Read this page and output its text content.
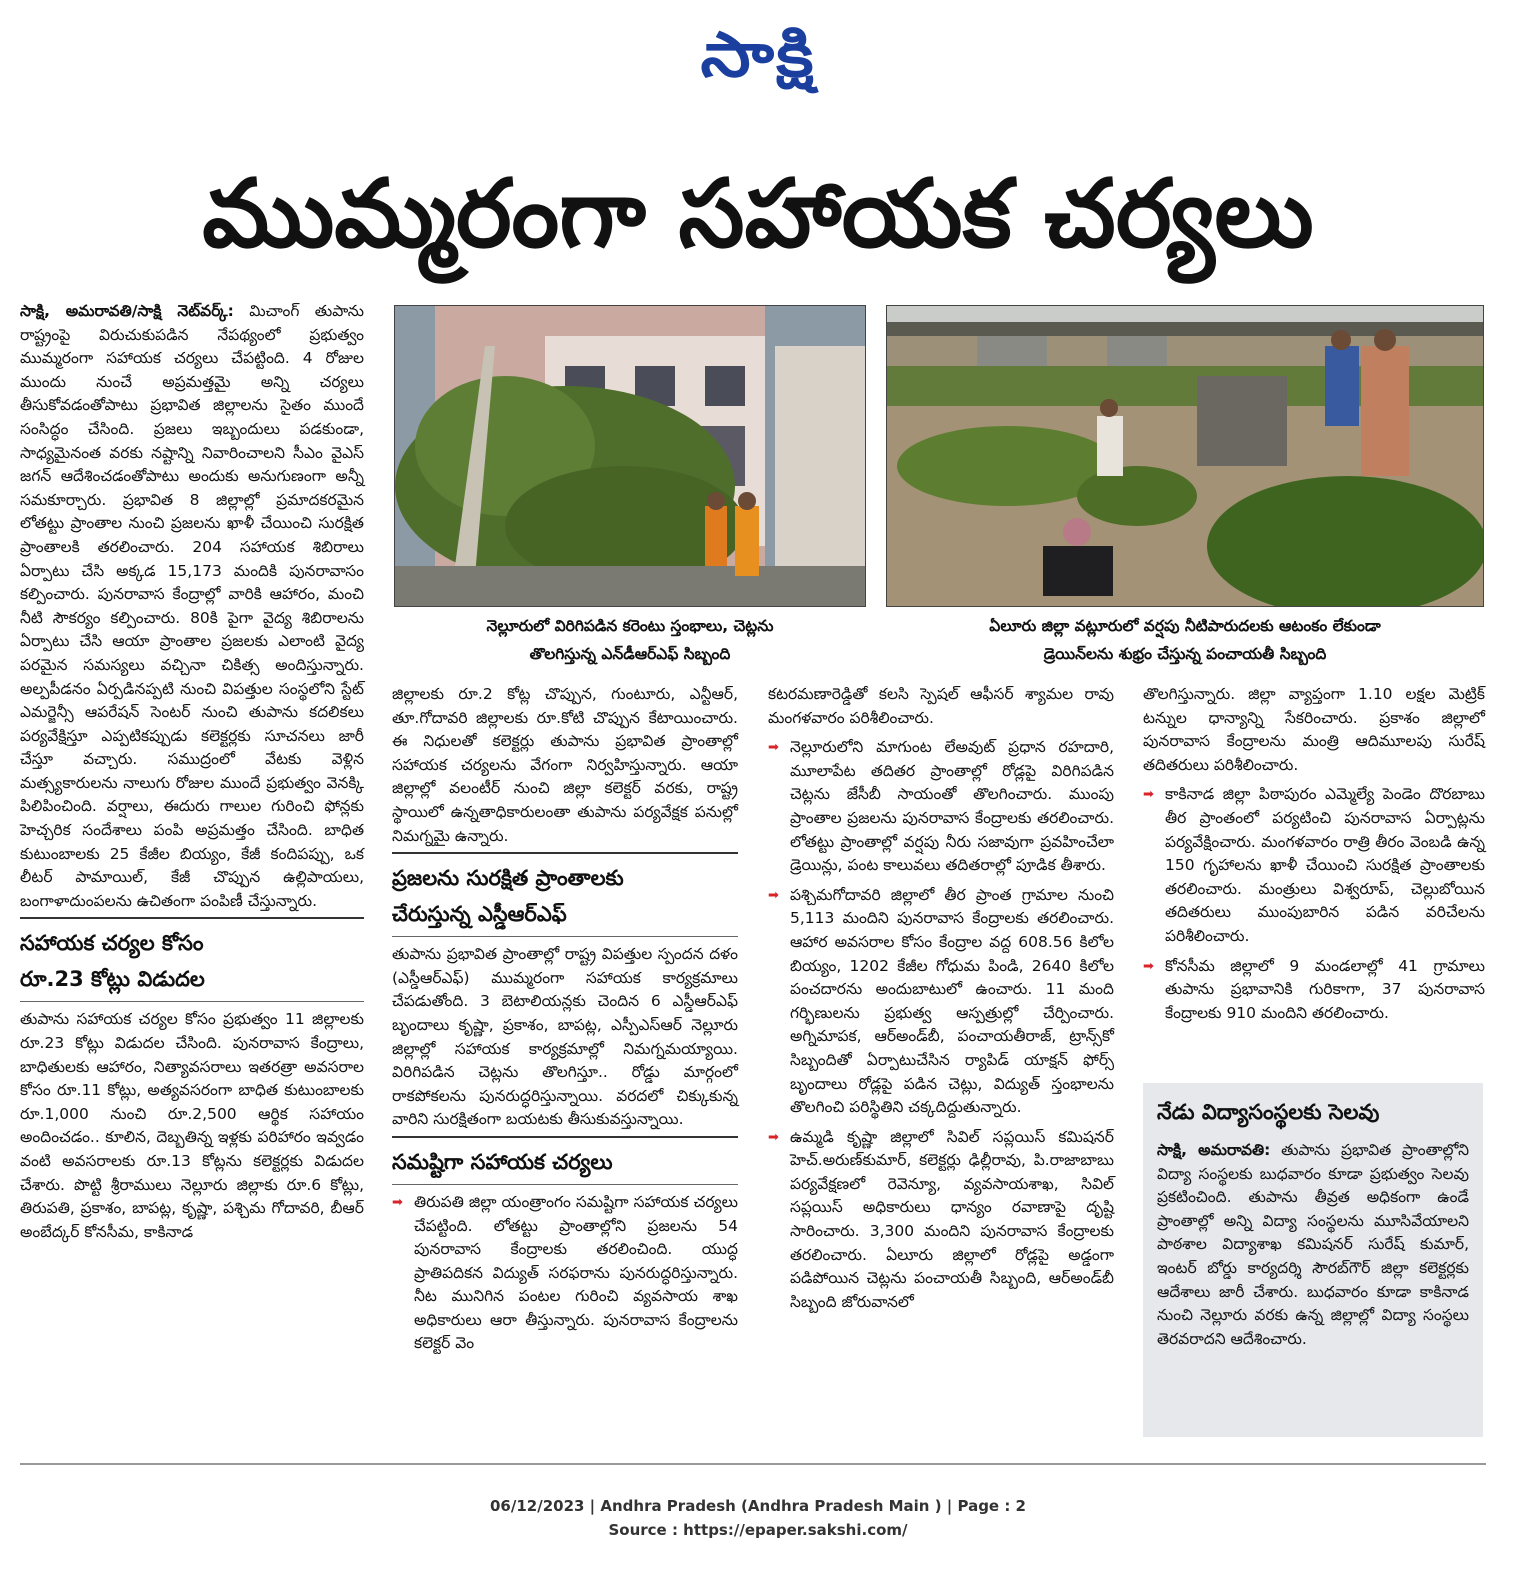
సాక్షి
ముమ్మరంగా సహాయక చర్యలు

సాక్షి, అమరావతి/సాక్షి నెట్‌వర్క్: మిచాంగ్ తుపాను రాష్ట్రంపై విరుచుకుపడిన నేపథ్యంలో ప్రభుత్వం ముమ్మరంగా సహాయక చర్యలు చేపట్టింది. 4 రోజుల ముందు నుంచే అప్రమత్తమై అన్ని చర్యలు తీసుకోవడంతోపాటు ప్రభావిత జిల్లాలను సైతం ముందే సంసిద్ధం చేసింది. ప్రజలు ఇబ్బందులు పడకుండా, సాధ్యమైనంత వరకు నష్టాన్ని నివారించాలని సీఎం వైఎస్ జగన్ ఆదేశించడంతోపాటు అందుకు అనుగుణంగా అన్నీ సమకూర్చారు. ప్రభావిత 8 జిల్లాల్లో ప్రమాదకరమైన లోతట్టు ప్రాంతాల నుంచి ప్రజలను ఖాళీ చేయించి సురక్షిత ప్రాంతాలకి తరలించారు. 204 సహాయక శిబిరాలు ఏర్పాటు చేసి అక్కడ 15,173 మందికి పునరావాసం కల్పించారు. పునరావాస కేంద్రాల్లో వారికి ఆహారం, మంచి నీటి సౌకర్యం కల్పించారు. 80కి పైగా వైద్య శిబిరాలను ఏర్పాటు చేసి ఆయా ప్రాంతాల ప్రజలకు ఎలాంటి వైద్య పరమైన సమస్యలు వచ్చినా చికిత్స అందిస్తున్నారు. అల్పపీడనం ఏర్పడినప్పటి నుంచి విపత్తుల సంస్థలోని స్టేట్ ఎమర్జెన్సీ ఆపరేషన్ సెంటర్ నుంచి తుపాను కదలికలు పర్యవేక్షిస్తూ ఎప్పటికప్పుడు కలెక్టర్లకు సూచనలు జారీ చేస్తూ వచ్చారు. సముద్రంలో వేటకు వెళ్లిన మత్స్యకారులను నాలుగు రోజుల ముందే ప్రభుత్వం వెనక్కి పిలిపించింది. వర్షాలు, ఈదురు గాలుల గురించి ఫోన్లకు హెచ్చరిక సందేశాలు పంపి అప్రమత్తం చేసింది. బాధిత కుటుంబాలకు 25 కేజీల బియ్యం, కేజీ కందిపప్పు, ఒక లీటర్ పామాయిల్, కేజీ చొప్పున ఉల్లిపాయలు, బంగాళాదుంపలను ఉచితంగా పంపిణీ చేస్తున్నారు.

సహాయక చర్యల కోసం
రూ.23 కోట్లు విడుదల

తుపాను సహాయక చర్యల కోసం ప్రభుత్వం 11 జిల్లాలకు రూ.23 కోట్లు విడుదల చేసింది. పునరావాస కేంద్రాలు, బాధితులకు ఆహారం, నిత్యావసరాలు ఇతరత్రా అవసరాల కోసం రూ.11 కోట్లు, అత్యవసరంగా బాధిత కుటుంబాలకు రూ.1,000 నుంచి రూ.2,500 ఆర్థిక సహాయం అందించడం.. కూలిన, దెబ్బతిన్న ఇళ్లకు పరిహారం ఇవ్వడం వంటి అవసరాలకు రూ.13 కోట్లను కలెక్టర్లకు విడుదల చేశారు. పొట్టి శ్రీరాములు నెల్లూరు జిల్లాకు రూ.6 కోట్లు, తిరుపతి, ప్రకాశం, బాపట్ల, కృష్ణా, పశ్చిమ గోదావరి, బీఆర్ అంబేద్కర్ కోనసీమ, కాకినాడ

నెల్లూరులో విరిగిపడిన కరెంటు స్తంభాలు, చెట్లను
తొలగిస్తున్న ఎన్‌డీఆర్‌ఎఫ్ సిబ్బంది
ఏలూరు జిల్లా వట్లూరులో వర్షపు నీటిపారుదలకు ఆటంకం లేకుండా
డ్రెయిన్‌లను శుభ్రం చేస్తున్న పంచాయతీ సిబ్బంది

జిల్లాలకు రూ.2 కోట్ల చొప్పున, గుంటూరు, ఎన్టీఆర్, తూ.గోదావరి జిల్లాలకు రూ.కోటి చొప్పున కేటాయించారు. ఈ నిధులతో కలెక్టర్లు తుపాను ప్రభావిత ప్రాంతాల్లో సహాయక చర్యలను వేగంగా నిర్వహిస్తున్నారు. ఆయా జిల్లాల్లో వలంటీర్ నుంచి జిల్లా కలెక్టర్ వరకు, రాష్ట్ర స్థాయిలో ఉన్నతాధికారులంతా తుపాను పర్యవేక్షక పనుల్లో నిమగ్నమై ఉన్నారు.

ప్రజలను సురక్షిత ప్రాంతాలకు
చేరుస్తున్న ఎస్డీఆర్ఎఫ్

తుపాను ప్రభావిత ప్రాంతాల్లో రాష్ట్ర విపత్తుల స్పందన దళం (ఎస్డీఆర్ఎఫ్) ముమ్మరంగా సహాయక కార్యక్రమాలు చేపడుతోంది. 3 బెటాలియన్లకు చెందిన 6 ఎస్డీఆర్ఎఫ్ బృందాలు కృష్ణా, ప్రకాశం, బాపట్ల, ఎస్పీఎస్ఆర్ నెల్లూరు జిల్లాల్లో సహాయక కార్యక్రమాల్లో నిమగ్నమయ్యాయి. విరిగిపడిన చెట్లను తొలగిస్తూ.. రోడ్డు మార్గంలో రాకపోకలను పునరుద్ధరిస్తున్నాయి. వరదలో చిక్కుకున్న వారిని సురక్షితంగా బయటకు తీసుకువస్తున్నాయి.

సమష్టిగా సహాయక చర్యలు

➡ తిరుపతి జిల్లా యంత్రాంగం సమష్టిగా సహాయక చర్యలు చేపట్టింది. లోతట్టు ప్రాంతాల్లోని ప్రజలను 54 పునరావాస కేంద్రాలకు తరలించింది. యుద్ధ ప్రాతిపదికన విద్యుత్ సరఫరాను పునరుద్ధరిస్తున్నారు. నీట మునిగిన పంటల గురించి వ్యవసాయ శాఖ అధికారులు ఆరా తీస్తున్నారు. పునరావాస కేంద్రాలను కలెక్టర్ వెం

కటరమణారెడ్డితో కలసి స్పెషల్ ఆఫీసర్ శ్యామల రావు మంగళవారం పరిశీలించారు.

➡ నెల్లూరులోని మాగుంట లేఅవుట్ ప్రధాన రహదారి, మూలాపేట తదితర ప్రాంతాల్లో రోడ్లపై విరిగిపడిన చెట్లను జేసీబీ సాయంతో తొలగించారు. ముంపు ప్రాంతాల ప్రజలను పునరావాస కేంద్రాలకు తరలించారు. లోతట్టు ప్రాంతాల్లో వర్షపు నీరు సజావుగా ప్రవహించేలా డ్రెయిన్లు, పంట కాలువలు తదితరాల్లో పూడిక తీశారు.

➡ పశ్చిమగోదావరి జిల్లాలో తీర ప్రాంత గ్రామాల నుంచి 5,113 మందిని పునరావాస కేంద్రాలకు తరలించారు. ఆహార అవసరాల కోసం కేంద్రాల వద్ద 608.56 కిలోల బియ్యం, 1202 కేజీల గోధుమ పిండి, 2640 కిలోల పంచదారను అందుబాటులో ఉంచారు. 11 మంది గర్భిణులను ప్రభుత్వ ఆస్పత్రుల్లో చేర్పించారు. అగ్నిమాపక, ఆర్అండ్‌బీ, పంచాయతీరాజ్, ట్రాన్స్‌కో సిబ్బందితో ఏర్పాటుచేసిన ర్యాపిడ్ యాక్షన్ ఫోర్స్ బృందాలు రోడ్లపై పడిన చెట్లు, విద్యుత్ స్తంభాలను తొలగించి పరిస్థితిని చక్కదిద్దుతున్నారు.

➡ ఉమ్మడి కృష్ణా జిల్లాలో సివిల్ సప్లయిస్ కమిషనర్ హెచ్.అరుణ్‌కుమార్, కలెక్టర్లు ఢిల్లీరావు, పి.రాజాబాబు పర్యవేక్షణలో రెవెన్యూ, వ్యవసాయశాఖ, సివిల్ సప్లయిస్ అధికారులు ధాన్యం రవాణాపై దృష్టి సారించారు. 3,300 మందిని పునరావాస కేంద్రాలకు తరలించారు. ఏలూరు జిల్లాలో రోడ్లపై అడ్డంగా పడిపోయిన చెట్లను పంచాయతీ సిబ్బంది, ఆర్అండ్‌బీ సిబ్బంది జోరువానలో

తొలగిస్తున్నారు. జిల్లా వ్యాప్తంగా 1.10 లక్షల మెట్రిక్ టన్నుల ధాన్యాన్ని సేకరించారు. ప్రకాశం జిల్లాలో పునరావాస కేంద్రాలను మంత్రి ఆదిమూలపు సురేష్ తదితరులు పరిశీలించారు.

➡ కాకినాడ జిల్లా పిఠాపురం ఎమ్మెల్యే పెండెం దొరబాబు తీర ప్రాంతంలో పర్యటించి పునరావాస ఏర్పాట్లను పర్యవేక్షించారు. మంగళవారం రాత్రి తీరం వెంబడి ఉన్న 150 గృహాలను ఖాళీ చేయించి సురక్షిత ప్రాంతాలకు తరలించారు. మంత్రులు విశ్వరూప్, చెల్లుబోయిన తదితరులు ముంపుబారిన పడిన వరిచేలను పరిశీలించారు.

➡ కోనసీమ జిల్లాలో 9 మండలాల్లో 41 గ్రామాలు తుపాను ప్రభావానికి గురికాగా, 37 పునరావాస కేంద్రాలకు 910 మందిని తరలించారు.

నేడు విద్యాసంస్థలకు సెలవు
సాక్షి, అమరావతి: తుపాను ప్రభావిత ప్రాంతాల్లోని విద్యా సంస్థలకు బుధవారం కూడా ప్రభుత్వం సెలవు ప్రకటించింది. తుపాను తీవ్రత అధికంగా ఉండే ప్రాంతాల్లో అన్ని విద్యా సంస్థలను మూసివేయాలని పాఠశాల విద్యాశాఖ కమిషనర్ సురేష్ కుమార్, ఇంటర్ బోర్డు కార్యదర్శి సౌరబ్‌గౌర్ జిల్లా కలెక్టర్లకు ఆదేశాలు జారీ చేశారు. బుధవారం కూడా కాకినాడ నుంచి నెల్లూరు వరకు ఉన్న జిల్లాల్లో విద్యా సంస్థలు తెరవరాదని ఆదేశించారు.
06/12/2023 | Andhra Pradesh (Andhra Pradesh Main ) | Page : 2
Source : https://epaper.sakshi.com/
